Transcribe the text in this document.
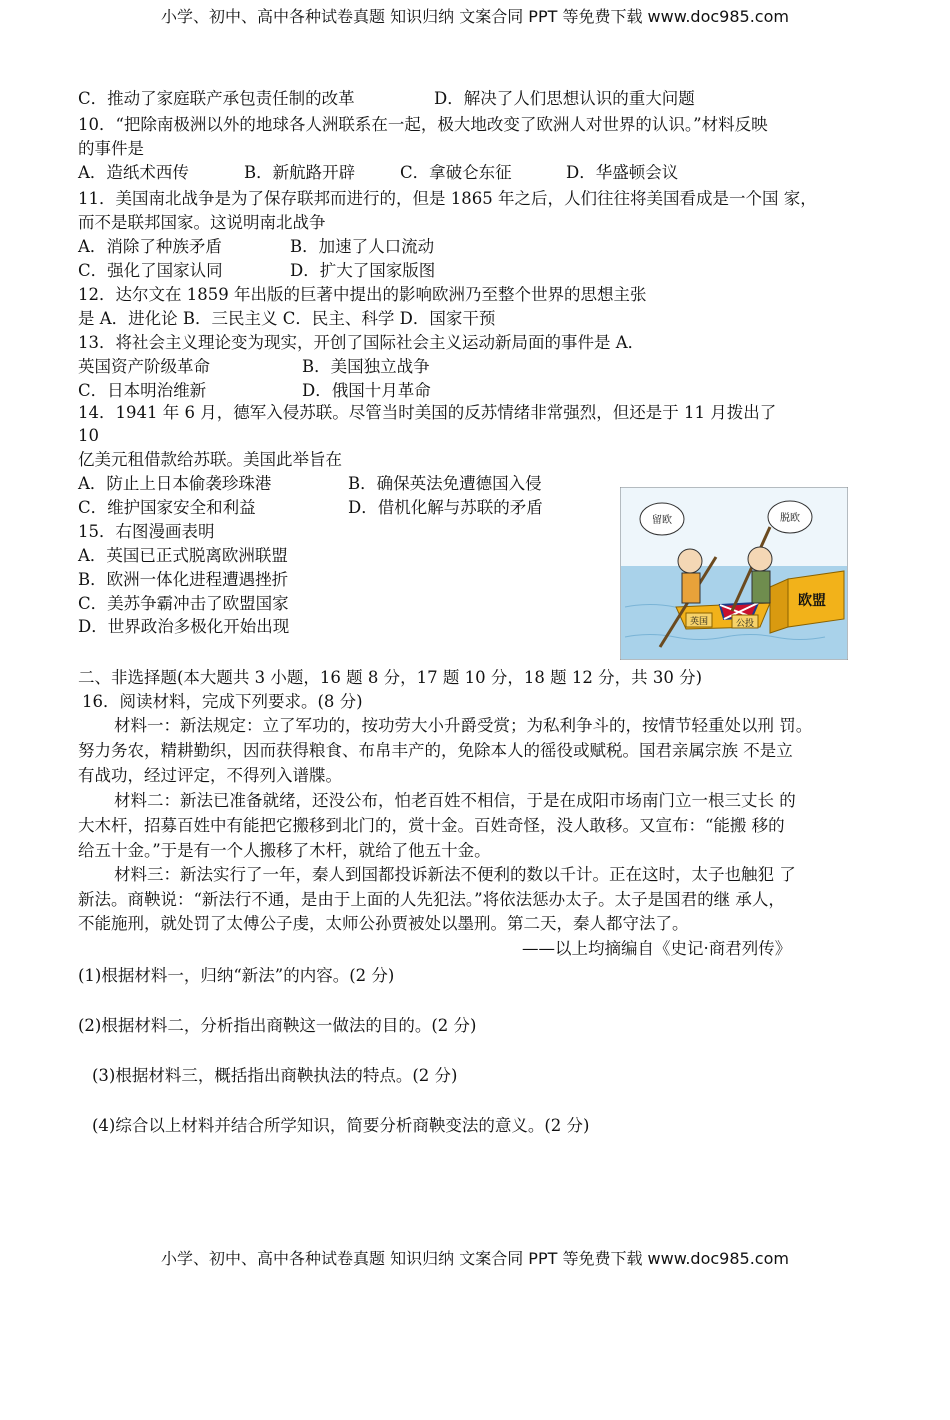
小学、初中、高中各种试卷真题 知识归纳 文案合同 PPT 等免费下载 www.doc985.com
C．推动了家庭联产承包责任制的改革	D．解决了人们思想认识的重大问题
10．“把除南极洲以外的地球各人洲联系在一起，极大地改变了欧洲人对世界的认识。”材料反映
的事件是
A．造纸术西传	B．新航路开辟	C．拿破仑东征	D．华盛顿会议
11．美国南北战争是为了保存联邦而进行的，但是 1865 年之后，人们往往将美国看成是一个国 家，
而不是联邦国家。这说明南北战争
A．消除了种族矛盾	B．加速了人口流动
C．强化了国家认同	D．扩大了国家版图
12．达尔文在 1859 年出版的巨著中提出的影响欧洲乃至整个世界的思想主张
是 A．进化论 B．三民主义 C．民主、科学 D．国家干预
13．将社会主义理论变为现实，开创了国际社会主义运动新局面的事件是 A．
英国资产阶级革命	B．美国独立战争
C．日本明治维新	D．俄国十月革命
14．1941 年 6 月，德军入侵苏联。尽管当时美国的反苏情绪非常强烈，但还是于 11 月拨出了
10
亿美元租借款给苏联。美国此举旨在
A．防止上日本偷袭珍珠港	B．确保英法免遭德国入侵
C．维护国家安全和利益	D．借机化解与苏联的矛盾
15．右图漫画表明
A．英国已正式脱离欧洲联盟
B．欧洲一体化进程遭遇挫折
C．美苏争霸冲击了欧盟国家
D．世界政治多极化开始出现
欧盟
英国	公投
留欧	脱欧
二、非选择题(本大题共 3 小题，16 题 8 分，17 题 10 分，18 题 12 分，共 30 分)
16．阅读材料，完成下列要求。(8 分)
材料一：新法规定：立了军功的，按功劳大小升爵受赏；为私利争斗的，按情节轻重处以刑 罚。
努力务农，精耕勤织，因而获得粮食、布帛丰产的，免除本人的徭役或赋税。国君亲属宗族 不是立
有战功，经过评定，不得列入谱牒。
材料二：新法已准备就绪，还没公布，怕老百姓不相信，于是在成阳市场南门立一根三丈长 的
大木杆，招募百姓中有能把它搬移到北门的，赏十金。百姓奇怪，没人敢移。又宣布：“能搬 移的
给五十金。”于是有一个人搬移了木杆，就给了他五十金。
材料三：新法实行了一年，秦人到国都投诉新法不便利的数以千计。正在这时，太子也触犯 了
新法。商鞅说：“新法行不通，是由于上面的人先犯法。”将依法惩办太子。太子是国君的继 承人，
不能施刑，就处罚了太傅公子虔，太师公孙贾被处以墨刑。第二天，秦人都守法了。
——以上均摘编自《史记·商君列传》
(1)根据材料一，归纳“新法”的内容。(2 分)
(2)根据材料二，分析指出商鞅这一做法的目的。(2 分)
(3)根据材料三，概括指出商鞅执法的特点。(2 分)
(4)综合以上材料并结合所学知识，简要分析商鞅变法的意义。(2 分)
小学、初中、高中各种试卷真题 知识归纳 文案合同 PPT 等免费下载 www.doc985.com
